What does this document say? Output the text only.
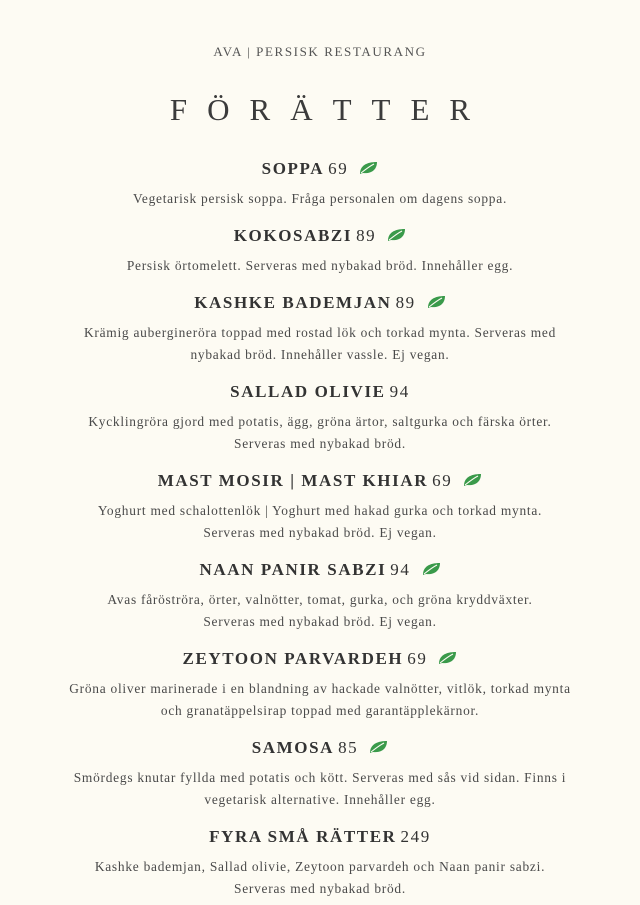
AVA | PERSISK RESTAURANG
FÖRÄTTER
SOPPA 69
Vegetarisk persisk soppa. Fråga personalen om dagens soppa.
KOKOSABZI 89
Persisk örtomelett. Serveras med nybakad bröd. Innehåller egg.
KASHKE BADEMJAN 89
Krämig auberginеröra toppad med rostad lök och torkad mynta. Serveras med
nybakad bröd. Innehåller vassle. Ej vegan.
SALLAD OLIVIE 94
Kycklingröra gjord med potatis, ägg, gröna ärtor, saltgurka och färska örter.
Serveras med nybakad bröd.
MAST MOSIR | MAST KHIAR 69
Yoghurt med schalottenlök | Yoghurt med hakad gurka och torkad mynta.
Serveras med nybakad bröd. Ej vegan.
NAAN PANIR SABZI 94
Avas fåröströra, örter, valnötter, tomat, gurka, och gröna kryddväxter.
Serveras med nybakad bröd. Ej vegan.
ZEYTOON PARVARDEH 69
Gröna oliver marinerade i en blandning av hackade valnötter, vitlök, torkad mynta
och granatäppelsirap toppad med garantäpplekärnor.
SAMOSA 85
Smördegs knutar fyllda med potatis och kött. Serveras med sås vid sidan. Finns i
vegetarisk alternative. Innehåller egg.
FYRA SMÅ RÄTTER 249
Kashke bademjan, Sallad olivie, Zeytoon parvardeh och Naan panir sabzi.
Serveras med nybakad bröd.
